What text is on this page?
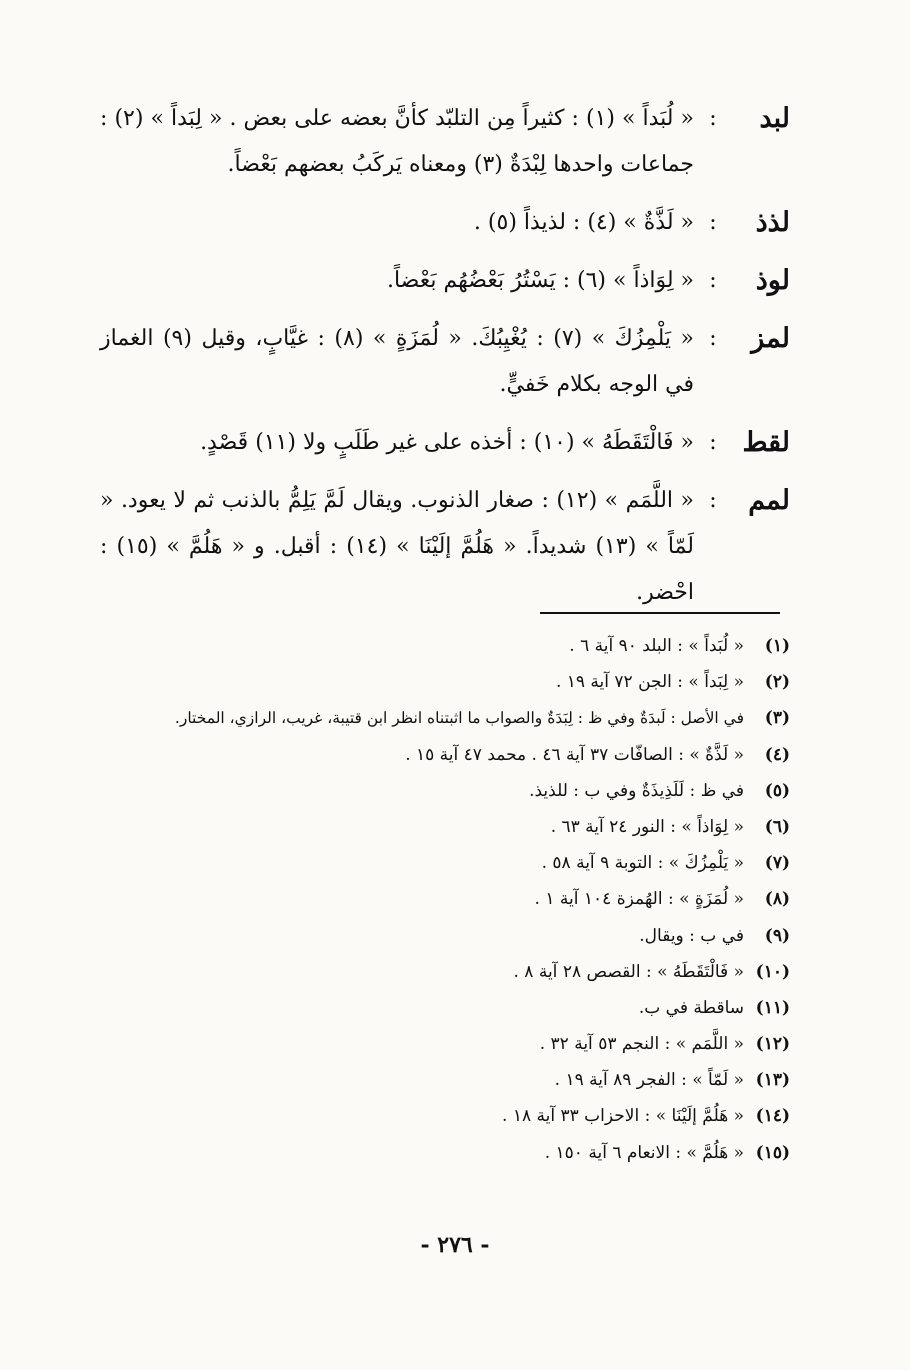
لبد
:
« لُبَداً » (١) : كثيراً مِن التلبّد كأنَّ بعضه على بعض . « لِبَداً » (٢) : جماعات واحدها لِبْدَةٌ (٣) ومعناه يَركَبُ بعضهم بَعْضاً.
لذذ
:
« لَذَّةٌ » (٤) : لذيذاً (٥) .
لوذ
:
« لِوَاذاً » (٦) : يَسْتُرُ بَعْضُهُم بَعْضاً.
لمز
:
« يَلْمِزُكَ » (٧) : يُغْيِبُكَ. « لُمَزَةٍ » (٨) : غيَّابٍ، وقيل (٩) الغماز في الوجه بكلام خَفيٍّ.
لقط
:
« فَالْتَقَطَهُ » (١٠) : أخذه على غير طَلَبٍ ولا (١١) قَصْدٍ.
لمم
:
« اللَّمَم » (١٢) : صغار الذنوب. ويقال لَمَّ يَلِمُّ بالذنب ثم لا يعود. « لَمّاً » (١٣) شديداً. « هَلُمَّ إلَيْنَا » (١٤) : أقبل. و « هَلُمَّ » (١٥) : احْضر.
(١)
« لُبَداً » : البلد ٩٠ آية ٦ .
(٢)
« لِبَداً » : الجن ٧٢ آية ١٩ .
(٣)
في الأصل : لَبدَةٌ وفي ظ : لِبَدَةٌ والصواب ما اثبتناه انظر ابن قتيبة، غريب، الرازي، المختار.
(٤)
« لَذَّةٌ » : الصافّات ٣٧ آية ٤٦ . محمد ٤٧ آية ١٥ .
(٥)
في ظ : لَلَذِيذَةٌ وفي ب : للذيذ.
(٦)
« لِوَاذاً » : النور ٢٤ آية ٦٣ .
(٧)
« يَلْمِزُكَ » : التوبة ٩ آية ٥٨ .
(٨)
« لُمَزَةٍ » : الهُمزة ١٠٤ آية ١ .
(٩)
في ب : ويقال.
(١٠)
« فَالْتَقَطَهُ » : القصص ٢٨ آية ٨ .
(١١)
ساقطة في ب.
(١٢)
« اللَّمَم » : النجم ٥٣ آية ٣٢ .
(١٣)
« لَمّاً » : الفجر ٨٩ آية ١٩ .
(١٤)
« هَلُمَّ إلَيْنَا » : الاحزاب ٣٣ آية ١٨ .
(١٥)
« هَلُمَّ » : الانعام ٦ آية ١٥٠ .
- ٢٧٦ -
